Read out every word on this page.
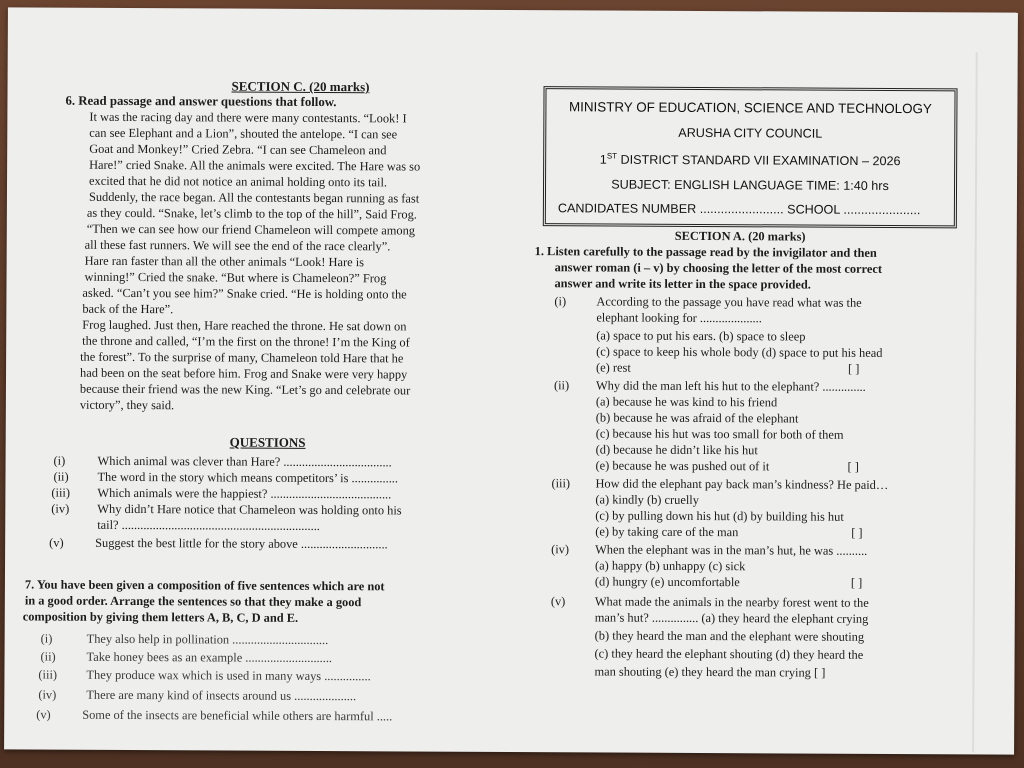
SECTION C. (20 marks)
6. Read passage and answer questions that follow.
It was the racing day and there were many contestants. “Look! I
can see Elephant and a Lion”, shouted the antelope. “I can see
Goat and Monkey!” Cried Zebra. “I can see Chameleon and
Hare!” cried Snake. All the animals were excited. The Hare was so
excited that he did not notice an animal holding onto its tail.
Suddenly, the race began. All the contestants began running as fast
as they could. “Snake, let’s climb to the top of the hill”, Said Frog.
“Then we can see how our friend Chameleon will compete among
all these fast runners. We will see the end of the race clearly”.
Hare ran faster than all the other animals “Look! Hare is
winning!” Cried the snake. “But where is Chameleon?” Frog
asked. “Can’t you see him?” Snake cried. “He is holding onto the
back of the Hare”.
Frog laughed. Just then, Hare reached the throne. He sat down on
the throne and called, “I’m the first on the throne! I’m the King of
the forest”. To the surprise of many, Chameleon told Hare that he
had been on the seat before him. Frog and Snake were very happy
because their friend was the new King. “Let’s go and celebrate our
victory”, they said.
QUESTIONS
(i)	Which animal was clever than Hare? ...................................
(ii) The word in the story which means competitors’ is ...............
(iii) Which animals were the happiest? .......................................
(iv) Why didn’t Hare notice that Chameleon was holding onto his
tail? ................................................................
(v)	Suggest the best little for the story above ............................
7. You have been given a composition of five sentences which are not
in a good order. Arrange the sentences so that they make a good
composition by giving them letters A, B, C, D and E.
(i)	They also help in pollination ...............................
(ii) Take honey bees as an example ............................
(iii) They produce wax which is used in many ways ...............
(iv) There are many kind of insects around us ....................
(v)	Some of the insects are beneficial while others are harmful .....
MINISTRY OF EDUCATION, SCIENCE AND TECHNOLOGY
ARUSHA CITY COUNCIL
1ST DISTRICT STANDARD VII EXAMINATION – 2026
SUBJECT: ENGLISH LANGUAGE TIME: 1:40 hrs
CANDIDATES NUMBER ........................ SCHOOL ......................
SECTION A. (20 marks)
1. Listen carefully to the passage read by the invigilator and then
answer roman (i – v) by choosing the letter of the most correct
answer and write its letter in the space provided.
(i) According to the passage you have read what was the
elephant looking for ....................
(a) space to put his ears. (b) space to sleep
(c) space to keep his whole body (d) space to put his head
(e) rest	[ ]
(ii) Why did the man left his hut to the elephant? ..............
(a) because he was kind to his friend
(b) because he was afraid of the elephant
(c) because his hut was too small for both of them
(d) because he didn’t like his hut
(e) because he was pushed out of it	[ ]
(iii) How did the elephant pay back man’s kindness? He paid…
(a) kindly (b) cruelly
(c) by pulling down his hut (d) by building his hut
(e) by taking care of the man	[ ]
(iv) When the elephant was in the man’s hut, he was ..........
(a) happy (b) unhappy (c) sick
(d) hungry (e) uncomfortable	[ ]
(v) What made the animals in the nearby forest went to the
man’s hut? ............... (a) they heard the elephant crying
(b) they heard the man and the elephant were shouting
(c) they heard the elephant shouting (d) they heard the
man shouting (e) they heard the man crying [ ]
